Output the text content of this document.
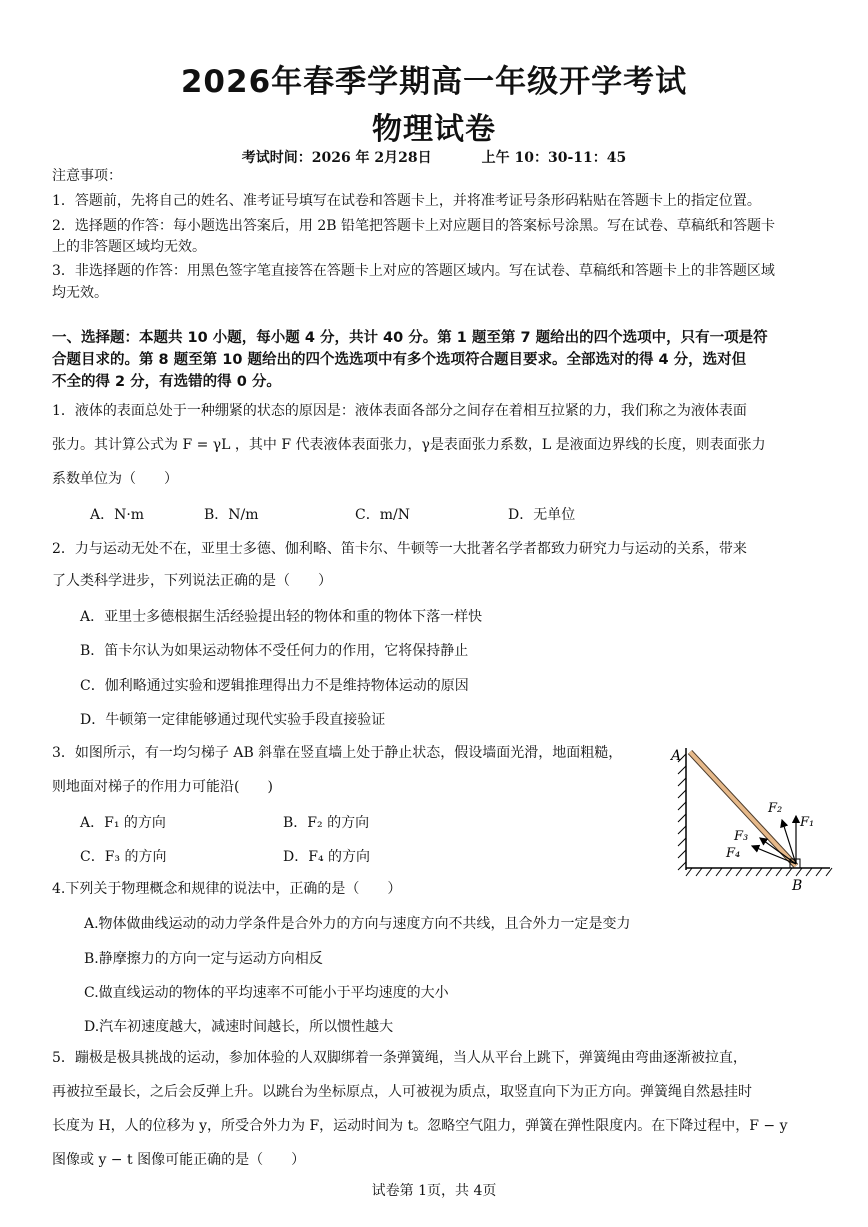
2026年春季学期高一年级开学考试
物理试卷
考试时间：2026 年 2月28日	上午 10：30-11：45
注意事项：
1．答题前，先将自己的姓名、准考证号填写在试卷和答题卡上，并将准考证号条形码粘贴在答题卡上的指定位置。
2．选择题的作答：每小题选出答案后，用 2B 铅笔把答题卡上对应题目的答案标号涂黑。写在试卷、草稿纸和答题卡
上的非答题区域均无效。
3．非选择题的作答：用黑色签字笔直接答在答题卡上对应的答题区域内。写在试卷、草稿纸和答题卡上的非答题区域
均无效。
一、选择题：本题共 10 小题，每小题 4 分，共计 40 分。第 1 题至第 7 题给出的四个选项中，只有一项是符
合题目求的。第 8 题至第 10 题给出的四个选选项中有多个选项符合题目要求。全部选对的得 4 分，选对但
不全的得 2 分，有选错的得 0 分。
1．液体的表面总处于一种绷紧的状态的原因是：液体表面各部分之间存在着相互拉紧的力，我们称之为液体表面
张力。其计算公式为 F = γL ，其中 F 代表液体表面张力，γ是表面张力系数，L 是液面边界线的长度，则表面张力
系数单位为（　　）
A．N·m	B．N/m	C．m/N	D．无单位
2．力与运动无处不在，亚里士多德、伽利略、笛卡尔、牛顿等一大批著名学者都致力研究力与运动的关系，带来
了人类科学进步，下列说法正确的是（　　）
A．亚里士多德根据生活经验提出轻的物体和重的物体下落一样快
B．笛卡尔认为如果运动物体不受任何力的作用，它将保持静止
C．伽利略通过实验和逻辑推理得出力不是维持物体运动的原因
D．牛顿第一定律能够通过现代实验手段直接验证
3．如图所示，有一均匀梯子 AB 斜靠在竖直墙上处于静止状态，假设墙面光滑，地面粗糙，
则地面对梯子的作用力可能沿(　　)
A．F₁ 的方向	B．F₂ 的方向
C．F₃ 的方向	D．F₄ 的方向
A
B
F₁
F₂
F₃
F₄
4.下列关于物理概念和规律的说法中，正确的是（　　）
A.物体做曲线运动的动力学条件是合外力的方向与速度方向不共线，且合外力一定是变力
B.静摩擦力的方向一定与运动方向相反
C.做直线运动的物体的平均速率不可能小于平均速度的大小
D.汽车初速度越大，减速时间越长，所以惯性越大
5．蹦极是极具挑战的运动，参加体验的人双脚绑着一条弹簧绳，当人从平台上跳下，弹簧绳由弯曲逐渐被拉直，
再被拉至最长，之后会反弹上升。以跳台为坐标原点，人可被视为质点，取竖直向下为正方向。弹簧绳自然悬挂时
长度为 H，人的位移为 y，所受合外力为 F，运动时间为 t。忽略空气阻力，弹簧在弹性限度内。在下降过程中，F − y
图像或 y − t 图像可能正确的是（　　）
试卷第 1页，共 4页
